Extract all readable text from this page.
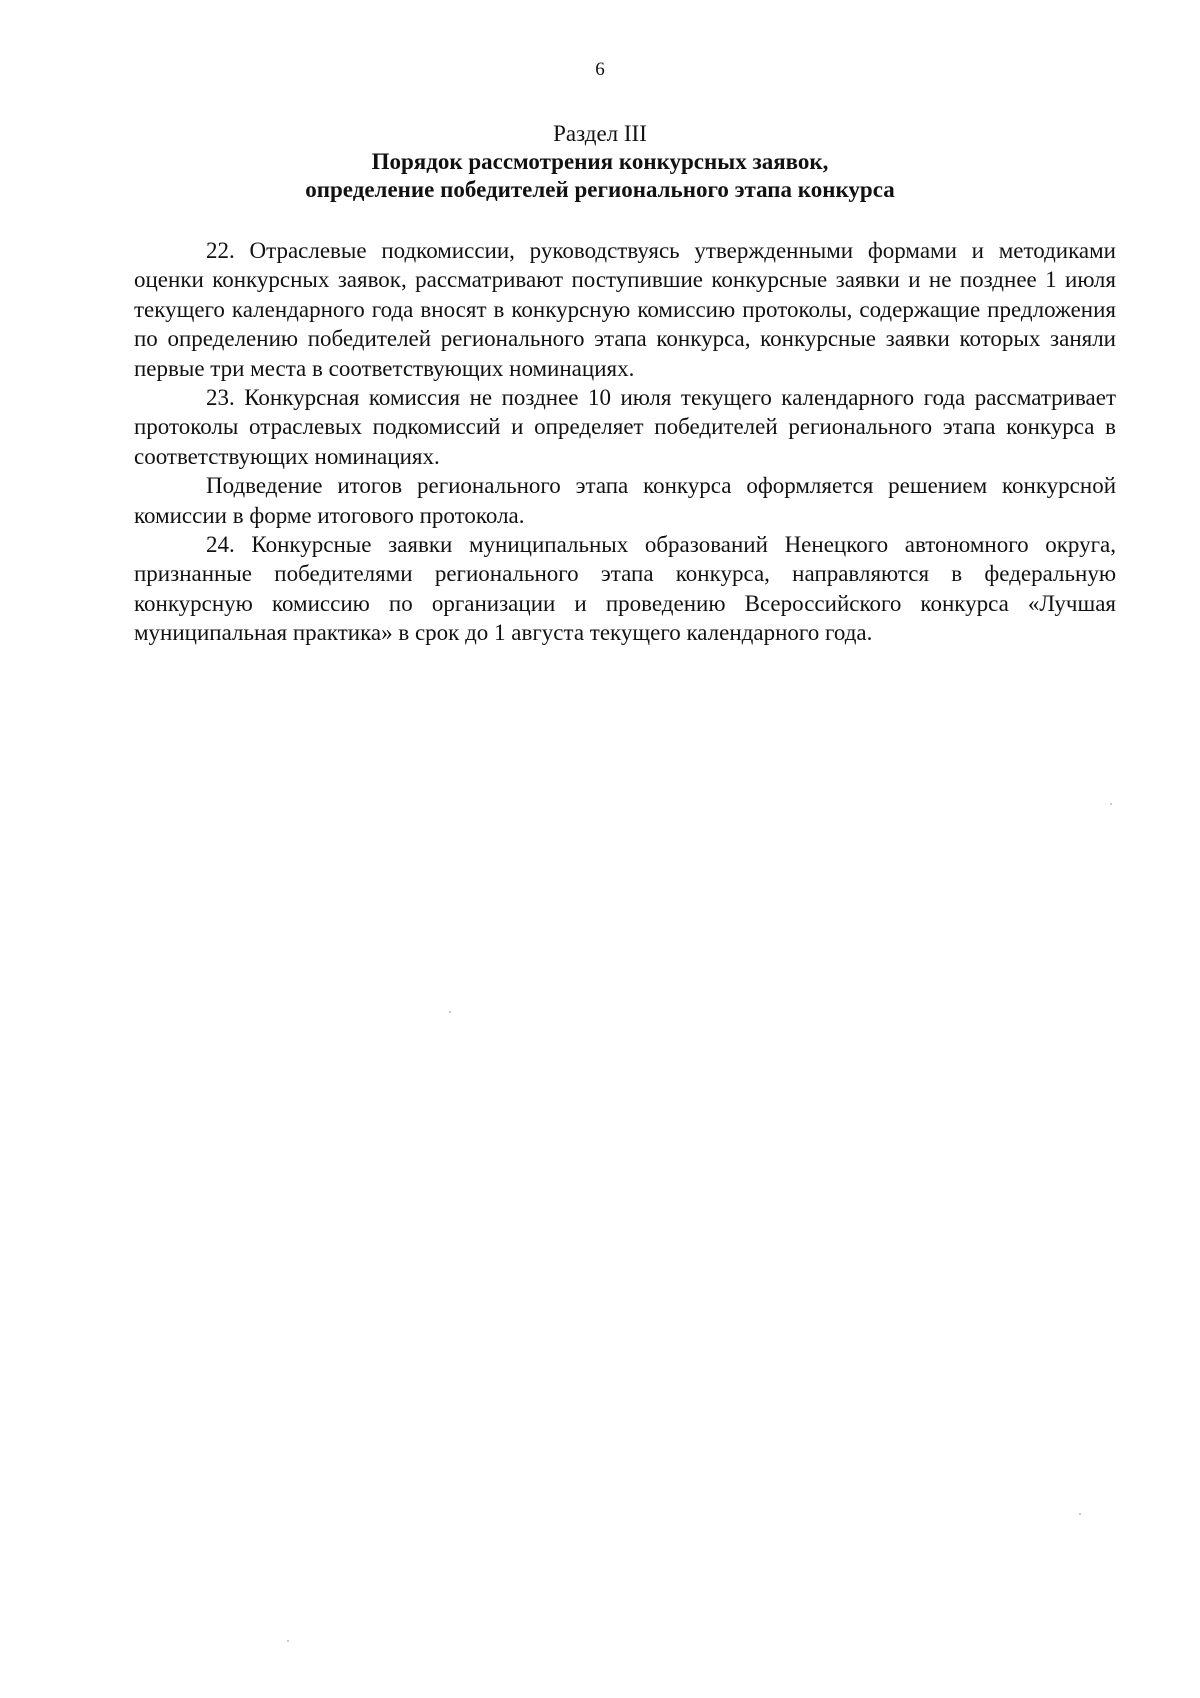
6

Раздел III

Порядок рассмотрения конкурсных заявок,

определение победителей регионального этапа конкурса

22. Отраслевые подкомиссии, руководствуясь утвержденными формами и методиками оценки конкурсных заявок, рассматривают поступившие конкурсные заявки и не позднее 1 июля текущего календарного года вносят в конкурсную комиссию протоколы, содержащие предложения по определению победителей регионального этапа конкурса, конкурсные заявки которых заняли первые три места в соответствующих номинациях.

23. Конкурсная комиссия не позднее 10 июля текущего календарного года рассматривает протоколы отраслевых подкомиссий и определяет победителей регионального этапа конкурса в соответствующих номинациях.

Подведение итогов регионального этапа конкурса оформляется решением конкурсной комиссии в форме итогового протокола.

24. Конкурсные заявки муниципальных образований Ненецкого автономного округа, признанные победителями регионального этапа конкурса, направляются в федеральную конкурсную комиссию по организации и проведению Всероссийского конкурса «Лучшая муниципальная практика» в срок до 1 августа текущего календарного года.
